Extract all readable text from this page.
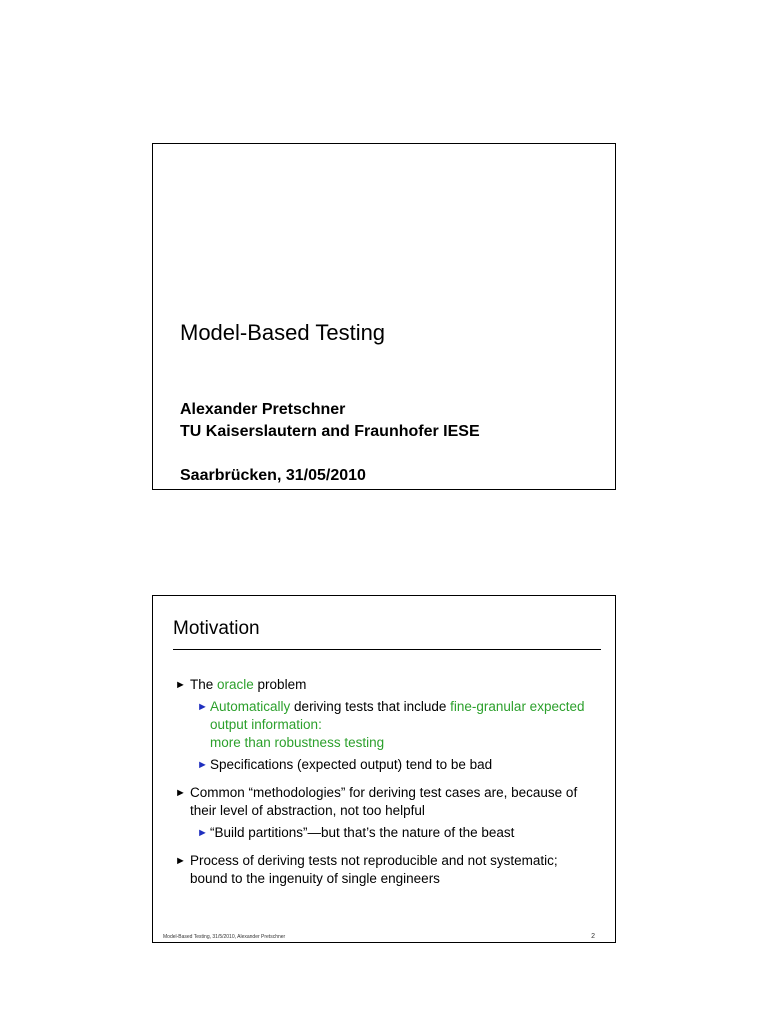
Model-Based Testing
Alexander Pretschner
TU Kaiserslautern and Fraunhofer IESE
Saarbrücken, 31/05/2010
Motivation
► The oracle problem
► Automatically deriving tests that include fine-granular expected output information:
more than robustness testing
► Specifications (expected output) tend to be bad
► Common “methodologies” for deriving test cases are, because of their level of abstraction, not too helpful
► “Build partitions”—but that’s the nature of the beast
► Process of deriving tests not reproducible and not systematic; bound to the ingenuity of single engineers
Model-Based Testing, 31/5/2010, Alexander Pretschner	2
